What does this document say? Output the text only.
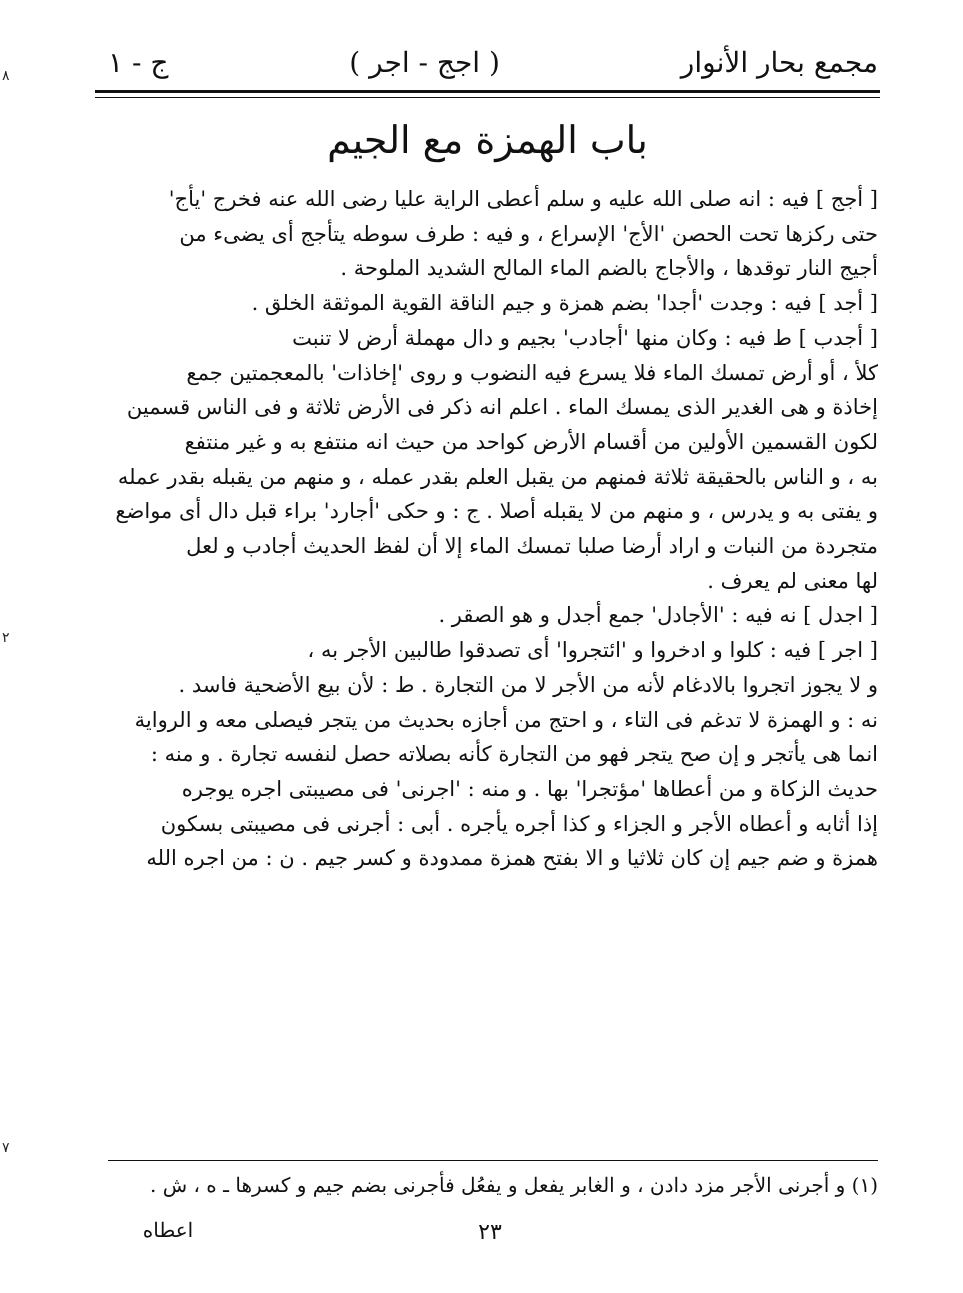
مجمع بحار الأنوار
( اجج - اجر )
ج - ١
باب الهمزة مع الجيم

[ أجج ] فيه : انه صلى الله عليه و سلم أعطى الراية عليا رضى الله عنه فخرج 'يأج'

حتى ركزها تحت الحصن 'الأج' الإسراع ، و فيه : طرف سوطه يتأجج أى يضىء من

أجيج النار توقدها ، والأجاج بالضم الماء المالح الشديد الملوحة .

[ أجد ] فيه : وجدت 'أجدا' بضم همزة و جيم الناقة القوية الموثقة الخلق .

[ أجدب ] ط فيه : وكان منها 'أجادب' بجيم و دال مهملة أرض لا تنبت

كلأ ، أو أرض تمسك الماء فلا يسرع فيه النضوب و روى 'إخاذات' بالمعجمتين جمع

إخاذة و هى الغدير الذى يمسك الماء . اعلم انه ذكر فى الأرض ثلاثة و فى الناس قسمين

لكون القسمين الأولين من أقسام الأرض كواحد من حيث انه منتفع به و غير منتفع

به ، و الناس بالحقيقة ثلاثة فمنهم من يقبل العلم بقدر عمله ، و منهم من يقبله بقدر عمله

و يفتى به و يدرس ، و منهم من لا يقبله أصلا . ج : و حكى 'أجارد' براء قبل دال أى مواضع

متجردة من النبات و اراد أرضا صلبا تمسك الماء إلا أن لفظ الحديث أجادب و لعل

لها معنى لم يعرف .

[ اجدل ] نه فيه : 'الأجادل' جمع أجدل و هو الصقر .

[ اجر ] فيه : كلوا و ادخروا و 'ائتجروا' أى تصدقوا طالبين الأجر به ،

و لا يجوز اتجروا بالادغام لأنه من الأجر لا من التجارة . ط : لأن بيع الأضحية فاسد .

نه : و الهمزة لا تدغم فى التاء ، و احتج من أجازه بحديث من يتجر فيصلى معه و الرواية

انما هى يأتجر و إن صح يتجر فهو من التجارة كأنه بصلاته حصل لنفسه تجارة . و منه :

حديث الزكاة و من أعطاها 'مؤتجرا' بها . و منه : 'اجرنى' فى مصيبتى اجره يوجره

إذا أثابه و أعطاه الأجر و الجزاء و كذا أجره يأجره . أبى : أجرنى فى مصيبتى بسكون

همزة و ضم جيم إن كان ثلاثيا و الا بفتح همزة ممدودة و كسر جيم . ن : من اجره الله

(١) و أجرنى الأجر مزد دادن ، و الغابر يفعل و يفعُل فأجرنى بضم جيم و كسرها ـ ه ، ش .
اعطاه	٢٣
۸
۲
۷
